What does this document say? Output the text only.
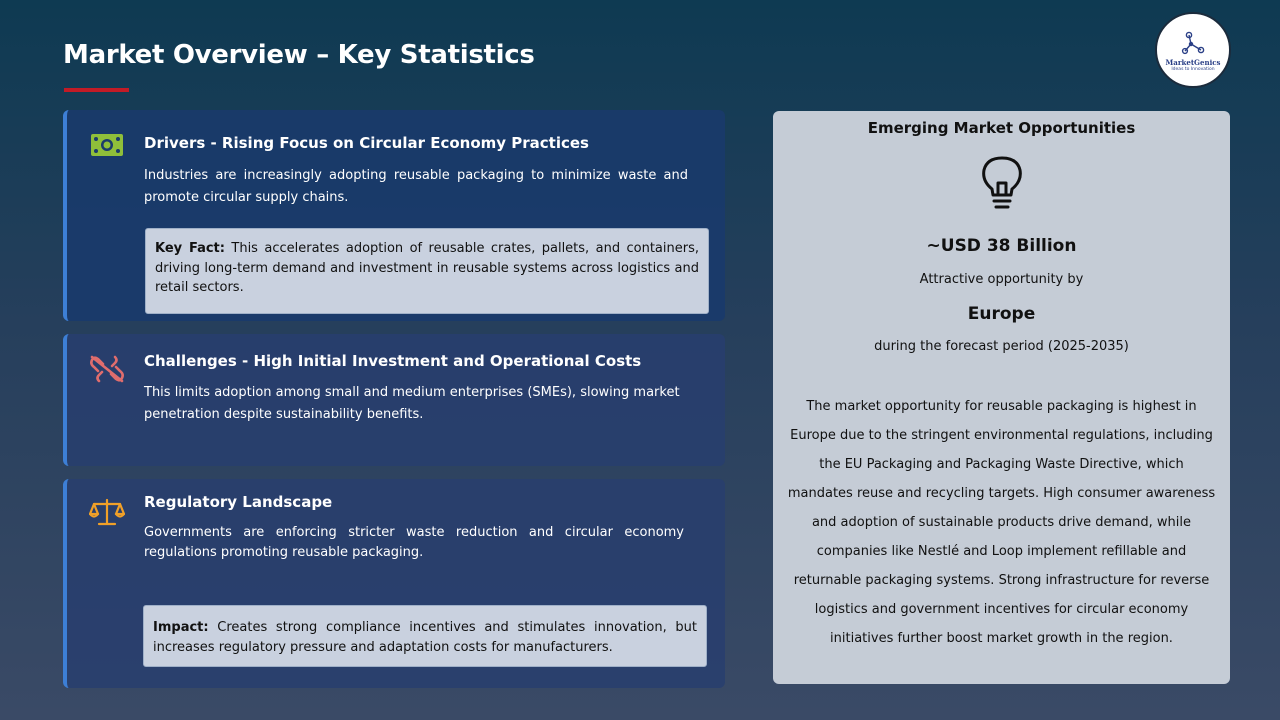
Market Overview – Key Statistics	MarketGenics
Ideas to Innovation
Drivers - Rising Focus on Circular Economy Practices
Industries are increasingly adopting reusable packaging to minimize waste and promote circular supply chains.
Key Fact: This accelerates adoption of reusable crates, pallets, and containers, driving long-term demand and investment in reusable systems across logistics and retail sectors.
Challenges - High Initial Investment and Operational Costs
This limits adoption among small and medium enterprises (SMEs), slowing market penetration despite sustainability benefits.
Regulatory Landscape
Governments are enforcing stricter waste reduction and circular economy regulations promoting reusable packaging.
Impact: Creates strong compliance incentives and stimulates innovation, but increases regulatory pressure and adaptation costs for manufacturers.
Emerging Market Opportunities
~USD 38 Billion
Attractive opportunity by
Europe
during the forecast period (2025-2035)
The market opportunity for reusable packaging is highest in Europe due to the stringent environmental regulations, including the EU Packaging and Packaging Waste Directive, which mandates reuse and recycling targets. High consumer awareness and adoption of sustainable products drive demand, while companies like Nestlé and Loop implement refillable and returnable packaging systems. Strong infrastructure for reverse logistics and government incentives for circular economy initiatives further boost market growth in the region.
